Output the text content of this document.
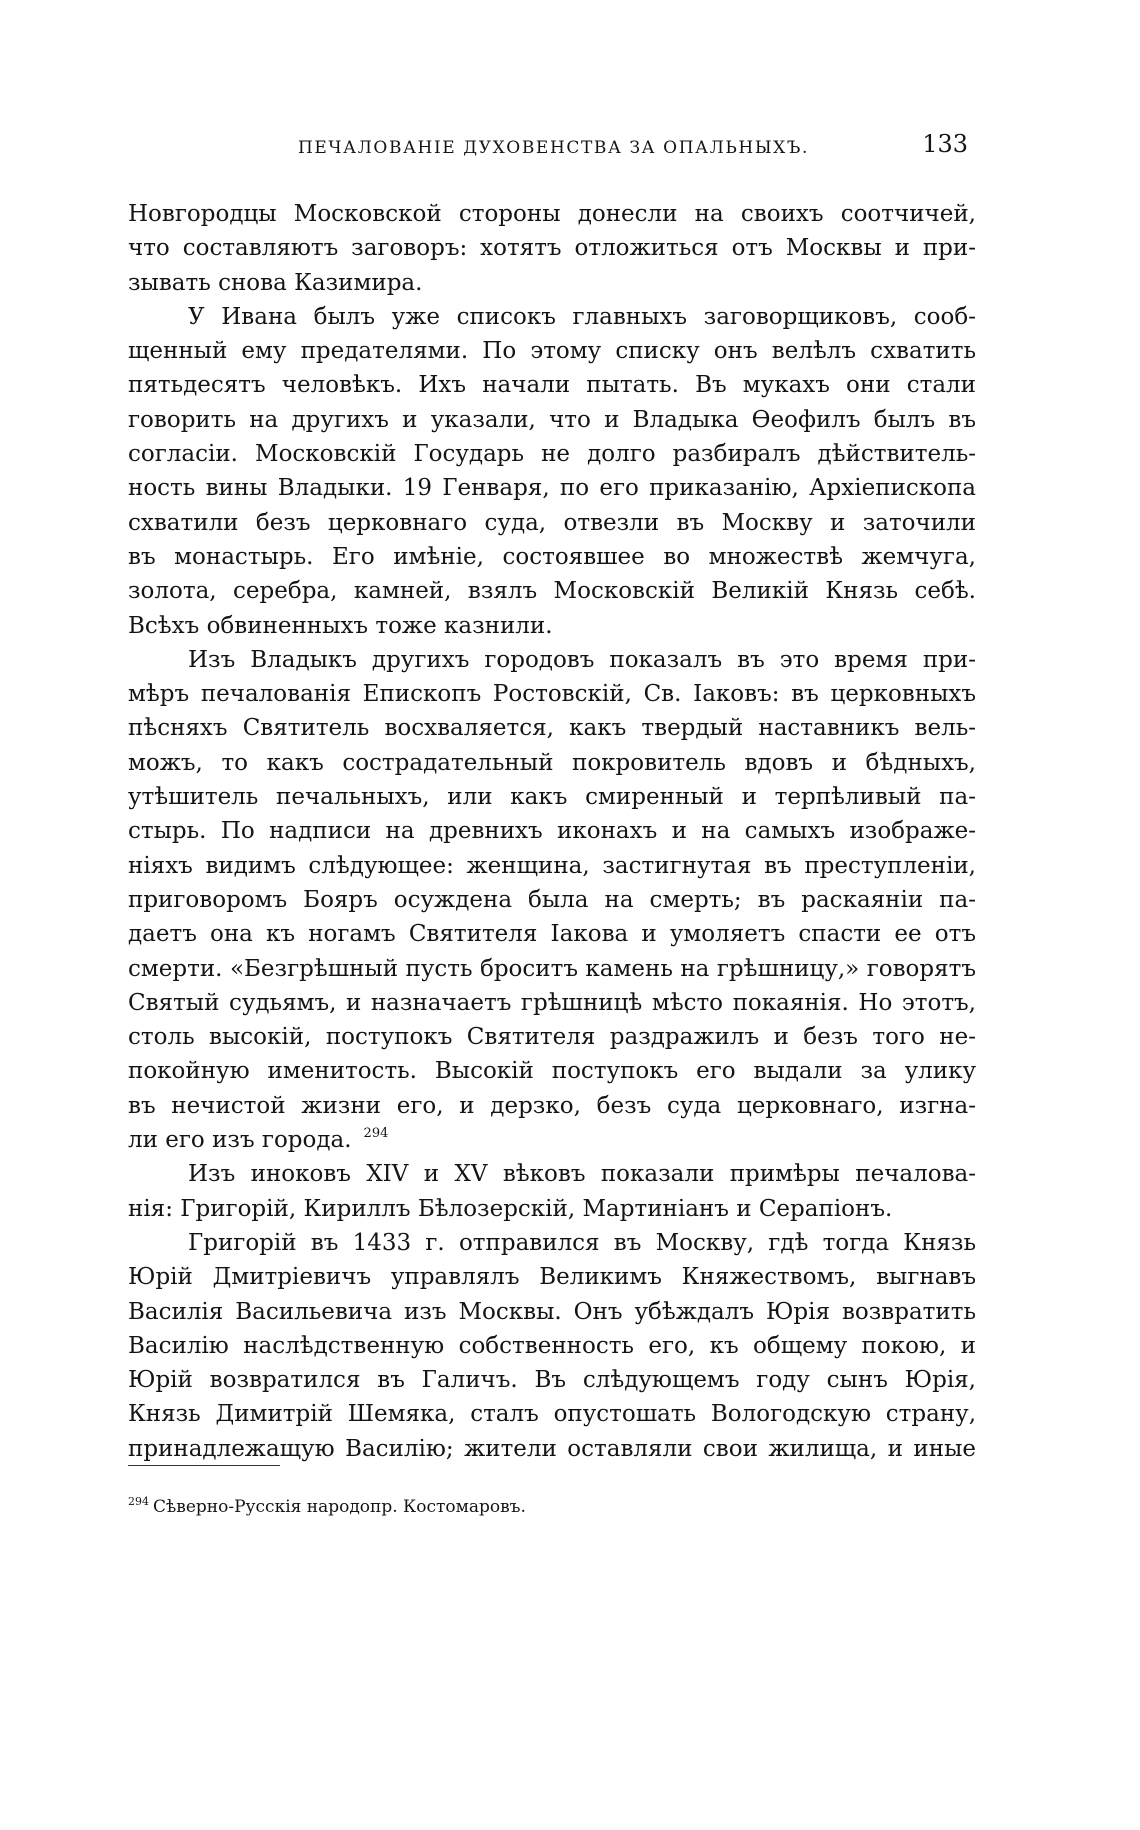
ПЕЧАЛОВАНІЕ ДУХОВЕНСТВА ЗА ОПАЛЬНЫХЪ.	133
Новгородцы Московской стороны донесли на своихъ соотчичей,
что составляютъ заговоръ: хотятъ отложиться отъ Москвы и при-
зывать снова Казимира.
У Ивана былъ уже списокъ главныхъ заговорщиковъ, сооб-
щенный ему предателями. По этому списку онъ велѣлъ схватить
пятьдесятъ человѣкъ. Ихъ начали пытать. Въ мукахъ они стали
говорить на другихъ и указали, что и Владыка Ѳеофилъ былъ въ
согласіи. Московскій Государь не долго разбиралъ дѣйствитель-
ность вины Владыки. 19 Генваря, по его приказанію, Архіепископа
схватили безъ церковнаго суда, отвезли въ Москву и заточили
въ монастырь. Его имѣніе, состоявшее во множествѣ жемчуга,
золота, серебра, камней, взялъ Московскій Великій Князь себѣ.
Всѣхъ обвиненныхъ тоже казнили.
Изъ Владыкъ другихъ городовъ показалъ въ это время при-
мѣръ печалованія Епископъ Ростовскій, Св. Іаковъ: въ церковныхъ
пѣсняхъ Святитель восхваляется, какъ твердый наставникъ вель-
можъ, то какъ сострадательный покровитель вдовъ и бѣдныхъ,
утѣшитель печальныхъ, или какъ смиренный и терпѣливый па-
стырь. По надписи на древнихъ иконахъ и на самыхъ изображе-
ніяхъ видимъ слѣдующее: женщина, застигнутая въ преступленіи,
приговоромъ Бояръ осуждена была на смерть; въ раскаяніи па-
даетъ она къ ногамъ Святителя Іакова и умоляетъ спасти ее отъ
смерти. «Безгрѣшный пусть броситъ камень на грѣшницу,» говорятъ
Святый судьямъ, и назначаетъ грѣшницѣ мѣсто покаянія. Но этотъ,
столь высокій, поступокъ Святителя раздражилъ и безъ того не-
покойную именитость. Высокій поступокъ его выдали за улику
въ нечистой жизни его, и дерзко, безъ суда церковнаго, изгна-
ли его изъ города. $^{294}$
Изъ иноковъ XIV и XV вѣковъ показали примѣры печалова-
нія: Григорій, Кириллъ Бѣлозерскій, Мартиніанъ и Серапіонъ.
Григорій въ 1433 г. отправился въ Москву, гдѣ тогда Князь
Юрій Дмитріевичъ управлялъ Великимъ Княжествомъ, выгнавъ
Василія Васильевича изъ Москвы. Онъ убѣждалъ Юрія возвратить
Василію наслѣдственную собственность его, къ общему покою, и
Юрій возвратился въ Галичъ. Въ слѣдующемъ году сынъ Юрія,
Князь Димитрій Шемяка, сталъ опустошать Вологодскую страну,
принадлежащую Василію; жители оставляли свои жилища, и иные
$^{294}$ Сѣверно-Русскія народопр. Костомаровъ.
